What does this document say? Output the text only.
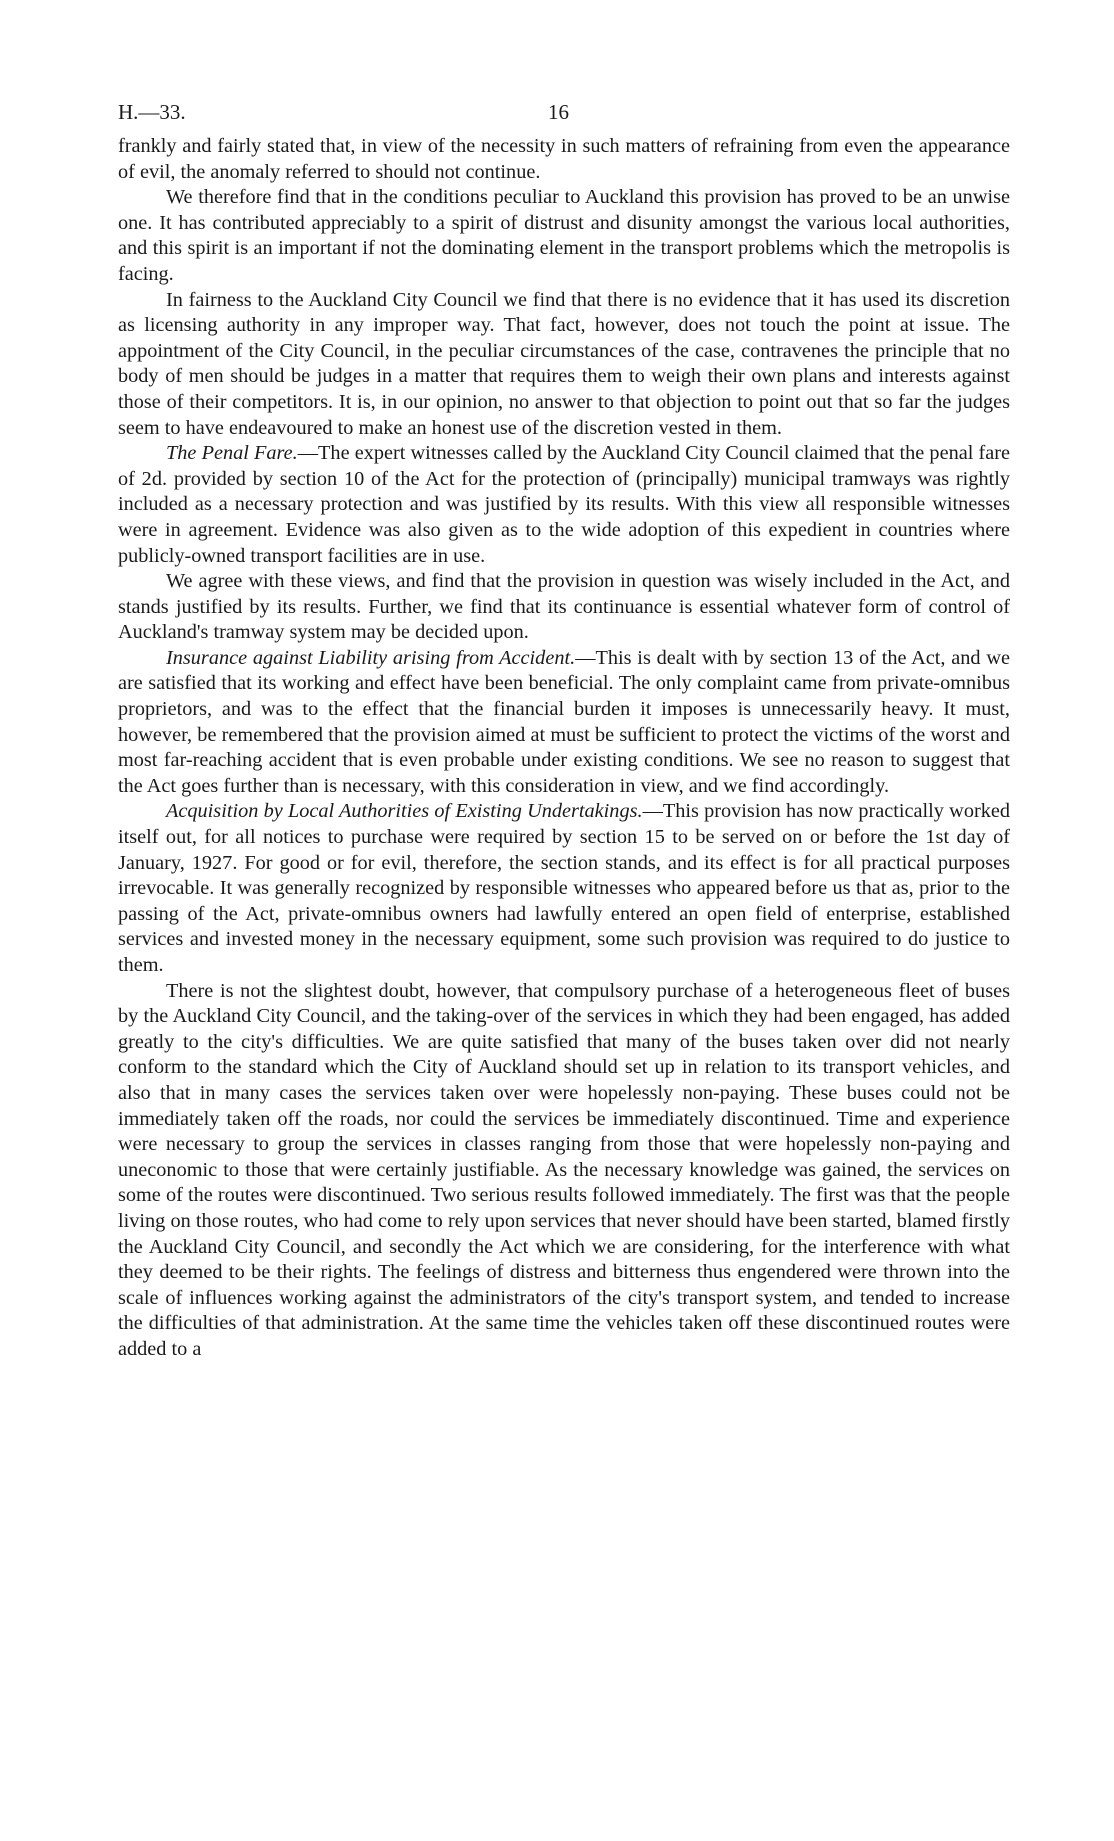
H.—33.	16

frankly and fairly stated that, in view of the necessity in such matters of refraining from even the appearance of evil, the anomaly referred to should not continue.

We therefore find that in the conditions peculiar to Auckland this provision has proved to be an unwise one. It has contributed appreciably to a spirit of distrust and disunity amongst the various local authorities, and this spirit is an important if not the dominating element in the transport problems which the metropolis is facing.

In fairness to the Auckland City Council we find that there is no evidence that it has used its discretion as licensing authority in any improper way. That fact, however, does not touch the point at issue. The appointment of the City Council, in the peculiar circumstances of the case, contravenes the principle that no body of men should be judges in a matter that requires them to weigh their own plans and interests against those of their competitors. It is, in our opinion, no answer to that objection to point out that so far the judges seem to have endeavoured to make an honest use of the discretion vested in them.

The Penal Fare.—The expert witnesses called by the Auckland City Council claimed that the penal fare of 2d. provided by section 10 of the Act for the protection of (principally) municipal tramways was rightly included as a necessary protection and was justified by its results. With this view all responsible witnesses were in agreement. Evidence was also given as to the wide adoption of this expedient in countries where publicly-owned transport facilities are in use.

We agree with these views, and find that the provision in question was wisely included in the Act, and stands justified by its results. Further, we find that its continuance is essential whatever form of control of Auckland's tramway system may be decided upon.

Insurance against Liability arising from Accident.—This is dealt with by section 13 of the Act, and we are satisfied that its working and effect have been beneficial. The only complaint came from private-omnibus proprietors, and was to the effect that the financial burden it imposes is unnecessarily heavy. It must, however, be remembered that the provision aimed at must be sufficient to protect the victims of the worst and most far-reaching accident that is even probable under existing conditions. We see no reason to suggest that the Act goes further than is necessary, with this consideration in view, and we find accordingly.

Acquisition by Local Authorities of Existing Undertakings.—This provision has now practically worked itself out, for all notices to purchase were required by section 15 to be served on or before the 1st day of January, 1927. For good or for evil, therefore, the section stands, and its effect is for all practical purposes irrevocable. It was generally recognized by responsible witnesses who appeared before us that as, prior to the passing of the Act, private-omnibus owners had lawfully entered an open field of enterprise, established services and invested money in the necessary equipment, some such provision was required to do justice to them.

There is not the slightest doubt, however, that compulsory purchase of a heterogeneous fleet of buses by the Auckland City Council, and the taking-over of the services in which they had been engaged, has added greatly to the city's difficulties. We are quite satisfied that many of the buses taken over did not nearly conform to the standard which the City of Auckland should set up in relation to its transport vehicles, and also that in many cases the services taken over were hopelessly non-paying. These buses could not be immediately taken off the roads, nor could the services be immediately discontinued. Time and experience were necessary to group the services in classes ranging from those that were hopelessly non-paying and uneconomic to those that were certainly justifiable. As the necessary knowledge was gained, the services on some of the routes were discontinued. Two serious results followed immediately. The first was that the people living on those routes, who had come to rely upon services that never should have been started, blamed firstly the Auckland City Council, and secondly the Act which we are considering, for the interference with what they deemed to be their rights. The feelings of distress and bitterness thus engendered were thrown into the scale of influences working against the administrators of the city's transport system, and tended to increase the difficulties of that administration. At the same time the vehicles taken off these discontinued routes were added to a
